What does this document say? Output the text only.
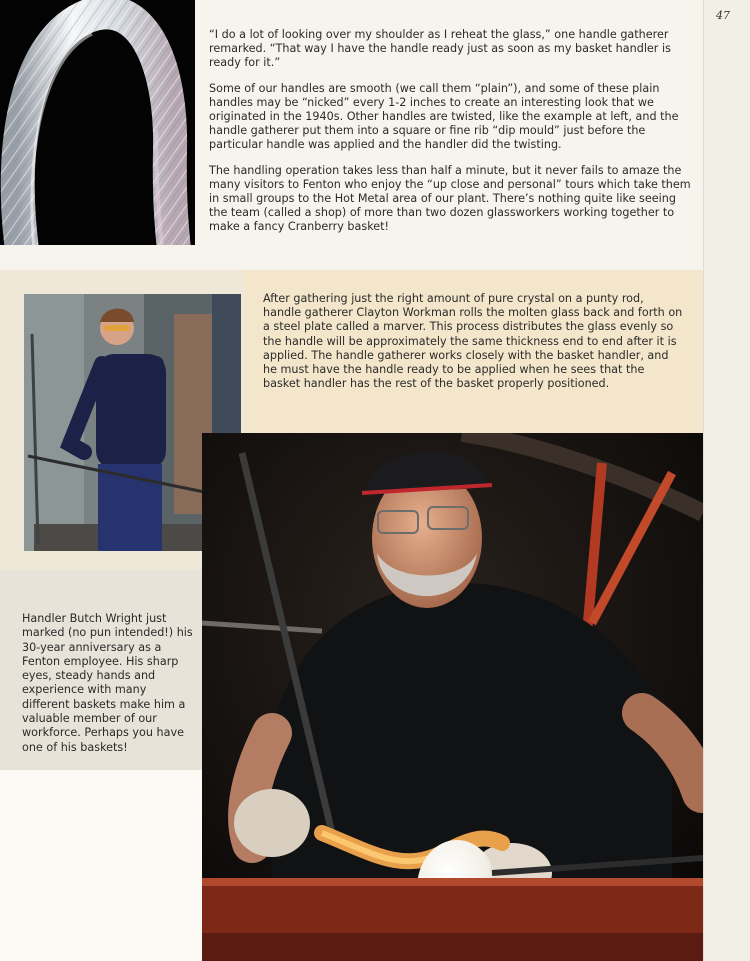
47

“I do a lot of looking over my shoulder as I reheat the glass,” one handle gatherer remarked. “That way I have the handle ready just as soon as my basket handler is ready for it.”

Some of our handles are smooth (we call them “plain”), and some of these plain handles may be “nicked” every 1-2 inches to create an interesting look that we originated in the 1940s. Other handles are twisted, like the example at left, and the handle gatherer put them into a square or fine rib “dip mould” just before the particular handle was applied and the handler did the twisting.

The handling operation takes less than half a minute, but it never fails to amaze the many visitors to Fenton who enjoy the “up close and personal” tours which take them in small groups to the Hot Metal area of our plant. There’s nothing quite like seeing the team (called a shop) of more than two dozen glassworkers working together to make a fancy Cranberry basket!

After gathering just the right amount of pure crystal on a punty rod, handle gatherer Clayton Workman rolls the molten glass back and forth on a steel plate called a marver. This process distributes the glass evenly so the handle will be approximately the same thickness end to end after it is applied. The handle gatherer works closely with the basket handler, and he must have the handle ready to be applied when he sees that the basket handler has the rest of the basket properly positioned.

Handler Butch Wright just marked (no pun intended!) his 30-year anniversary as a Fenton employee. His sharp eyes, steady hands and experience with many different baskets make him a valuable member of our workforce. Perhaps you have one of his baskets!
